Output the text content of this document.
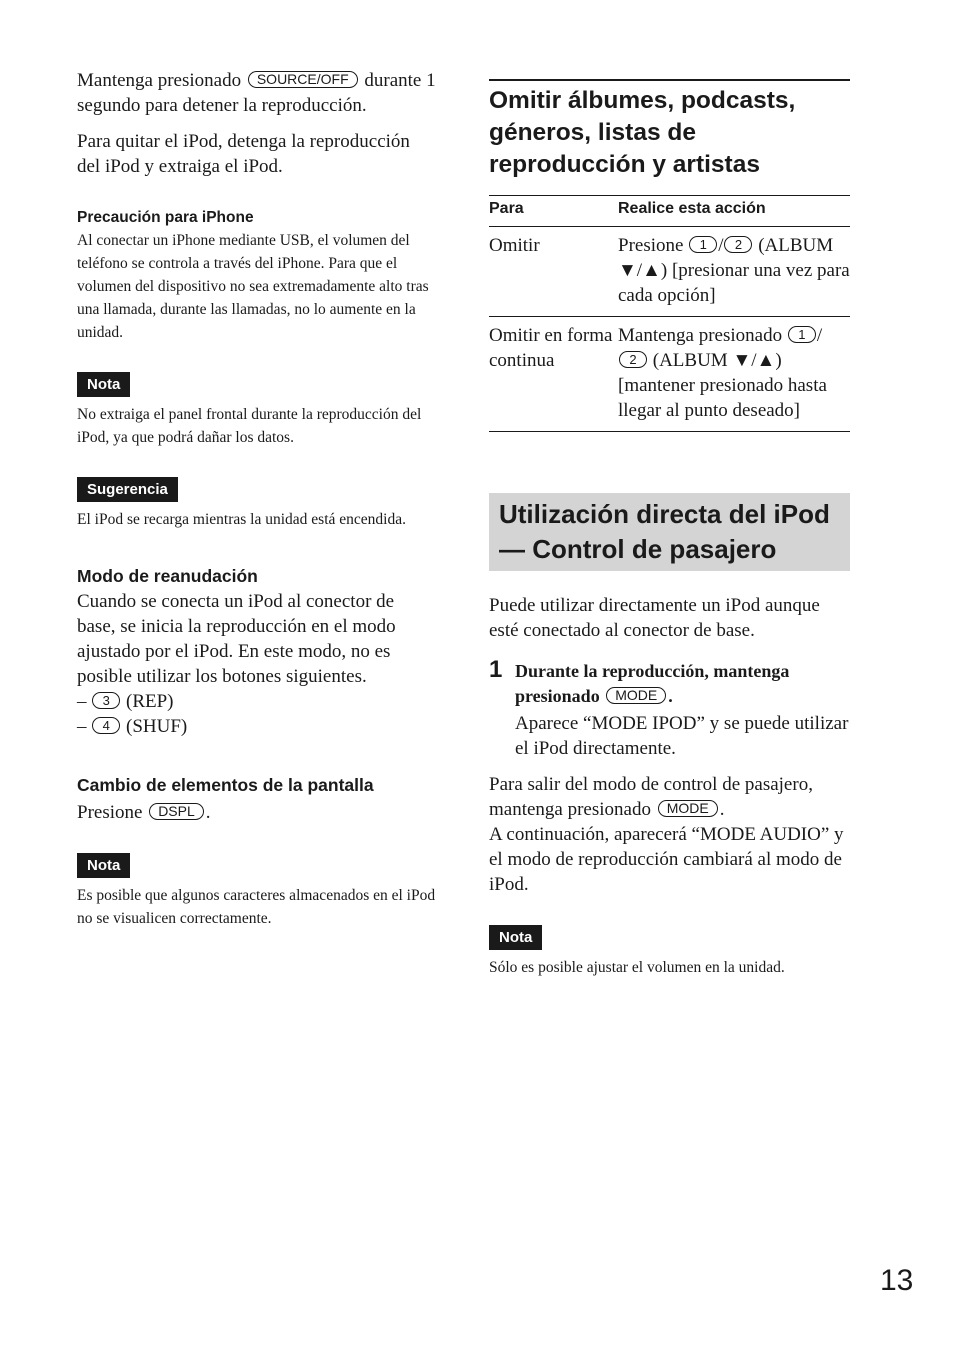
Mantenga presionado SOURCE/OFF durante 1 segundo para detener la reproducción.

Para quitar el iPod, detenga la reproducción del iPod y extraiga el iPod.

Precaución para iPhone

Al conectar un iPhone mediante USB, el volumen del teléfono se controla a través del iPhone. Para que el volumen del dispositivo no sea extremadamente alto tras una llamada, durante las llamadas, no lo aumente en la unidad.

Nota

No extraiga el panel frontal durante la reproducción del iPod, ya que podrá dañar los datos.

Sugerencia

El iPod se recarga mientras la unidad está encendida.

Modo de reanudación

Cuando se conecta un iPod al conector de base, se inicia la reproducción en el modo ajustado por el iPod. En este modo, no es posible utilizar los botones siguientes.

– 3 (REP)
– 4 (SHUF)
Cambio de elementos de la pantalla

Presione DSPL .

Nota

Es posible que algunos caracteres almacenados en el iPod no se visualicen correctamente.

Omitir álbumes, podcasts, géneros, listas de reproducción y artistas
Para	Realice esta acción
Omitir	Presione 1 / 2 (ALBUM ▼/▲) [presionar una vez para cada opción]
Omitir en forma continua	Mantenga presionado 1 /2 (ALBUM ▼/▲) [mantener presionado hasta llegar al punto deseado]
Utilización directa del iPod — Control de pasajero

Puede utilizar directamente un iPod aunque esté conectado al conector de base.

1 Durante la reproducción, mantenga presionado MODE .

Aparece “MODE IPOD” y se puede utilizar el iPod directamente.

Para salir del modo de control de pasajero, mantenga presionado MODE .

A continuación, aparecerá “MODE AUDIO” y el modo de reproducción cambiará al modo de iPod.

Nota

Sólo es posible ajustar el volumen en la unidad.

13
